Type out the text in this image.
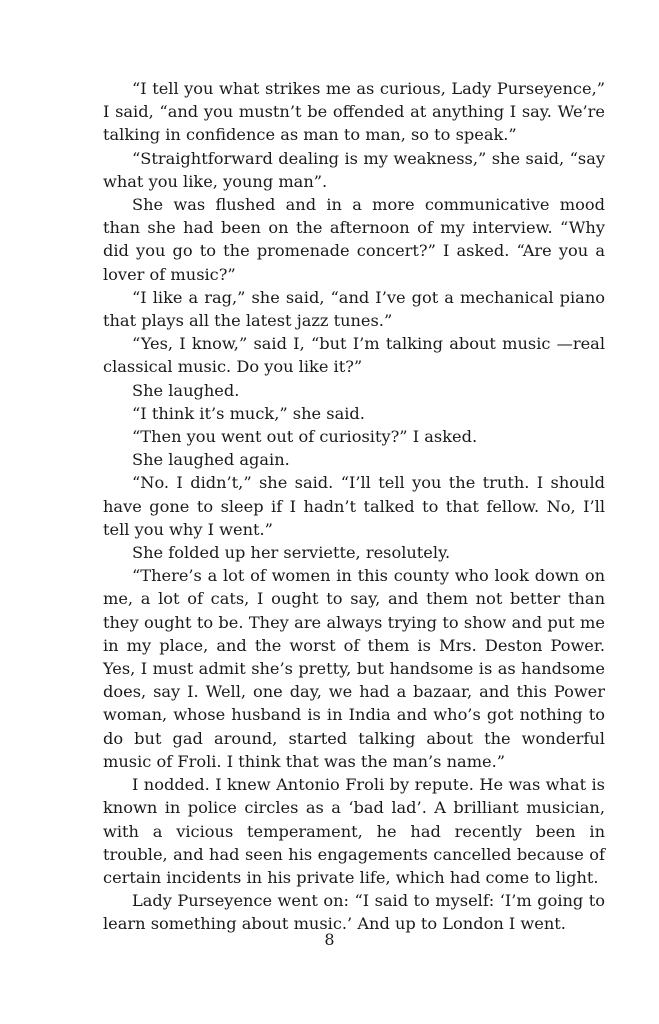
“I tell you what strikes me as curious, Lady Purseyence,” I said, “and you mustn’t be offended at anything I say. We’re talking in confidence as man to man, so to speak.”

“Straightforward dealing is my weakness,” she said, “say what you like, young man”.

She was flushed and in a more communicative mood than she had been on the afternoon of my interview. “Why did you go to the promenade concert?” I asked. “Are you a lover of music?”

“I like a rag,” she said, “and I’ve got a mechanical piano that plays all the latest jazz tunes.”

“Yes, I know,” said I, “but I’m talking about music —real classical music. Do you like it?”

She laughed.

“I think it’s muck,” she said.

“Then you went out of curiosity?” I asked.

She laughed again.

“No. I didn’t,” she said. “I’ll tell you the truth. I should have gone to sleep if I hadn’t talked to that fellow. No, I’ll tell you why I went.”

She folded up her serviette, resolutely.

“There’s a lot of women in this county who look down on me, a lot of cats, I ought to say, and them not better than they ought to be. They are always trying to show and put me in my place, and the worst of them is Mrs. Deston Power. Yes, I must admit she’s pretty, but handsome is as handsome does, say I. Well, one day, we had a bazaar, and this Power woman, whose husband is in India and who’s got nothing to do but gad around, started talking about the wonderful music of Froli. I think that was the man’s name.”

I nodded. I knew Antonio Froli by repute. He was what is known in police circles as a ‘bad lad’. A brilliant musician, with a vicious temperament, he had recently been in trouble, and had seen his engagements cancelled because of certain incidents in his private life, which had come to light.

Lady Purseyence went on: “I said to myself: ‘I’m going to learn something about music.’ And up to London I went.

8
